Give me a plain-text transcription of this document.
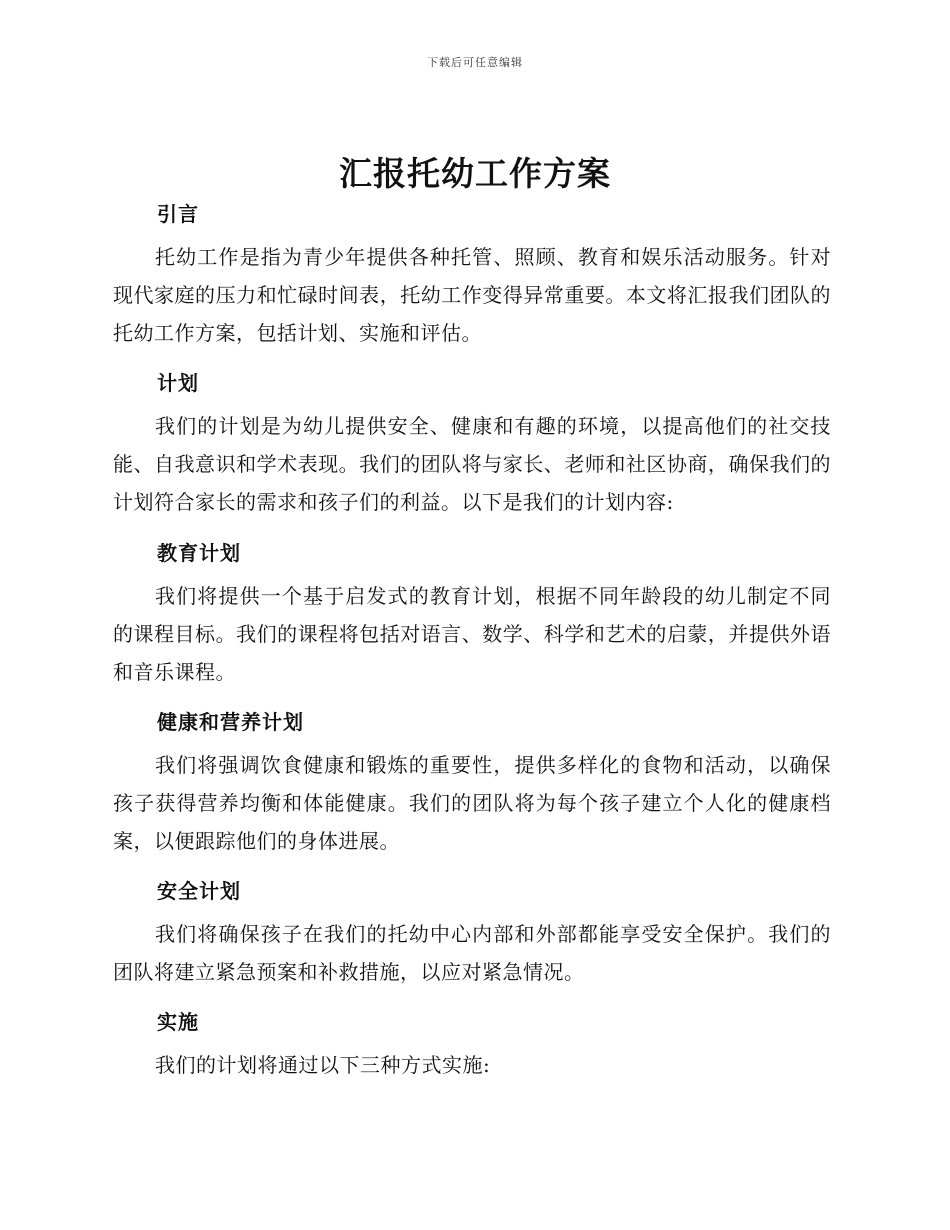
下载后可任意编辑
汇报托幼工作方案
引言

托幼工作是指为青少年提供各种托管、照顾、教育和娱乐活动服务。针对现代家庭的压力和忙碌时间表，托幼工作变得异常重要。本文将汇报我们团队的托幼工作方案，包括计划、实施和评估。

计划

我们的计划是为幼儿提供安全、健康和有趣的环境，以提高他们的社交技能、自我意识和学术表现。我们的团队将与家长、老师和社区协商，确保我们的计划符合家长的需求和孩子们的利益。以下是我们的计划内容:

教育计划

我们将提供一个基于启发式的教育计划，根据不同年龄段的幼儿制定不同的课程目标。我们的课程将包括对语言、数学、科学和艺术的启蒙，并提供外语和音乐课程。

健康和营养计划

我们将强调饮食健康和锻炼的重要性，提供多样化的食物和活动，以确保孩子获得营养均衡和体能健康。我们的团队将为每个孩子建立个人化的健康档案，以便跟踪他们的身体进展。

安全计划

我们将确保孩子在我们的托幼中心内部和外部都能享受安全保护。我们的团队将建立紧急预案和补救措施，以应对紧急情况。

实施

我们的计划将通过以下三种方式实施:
